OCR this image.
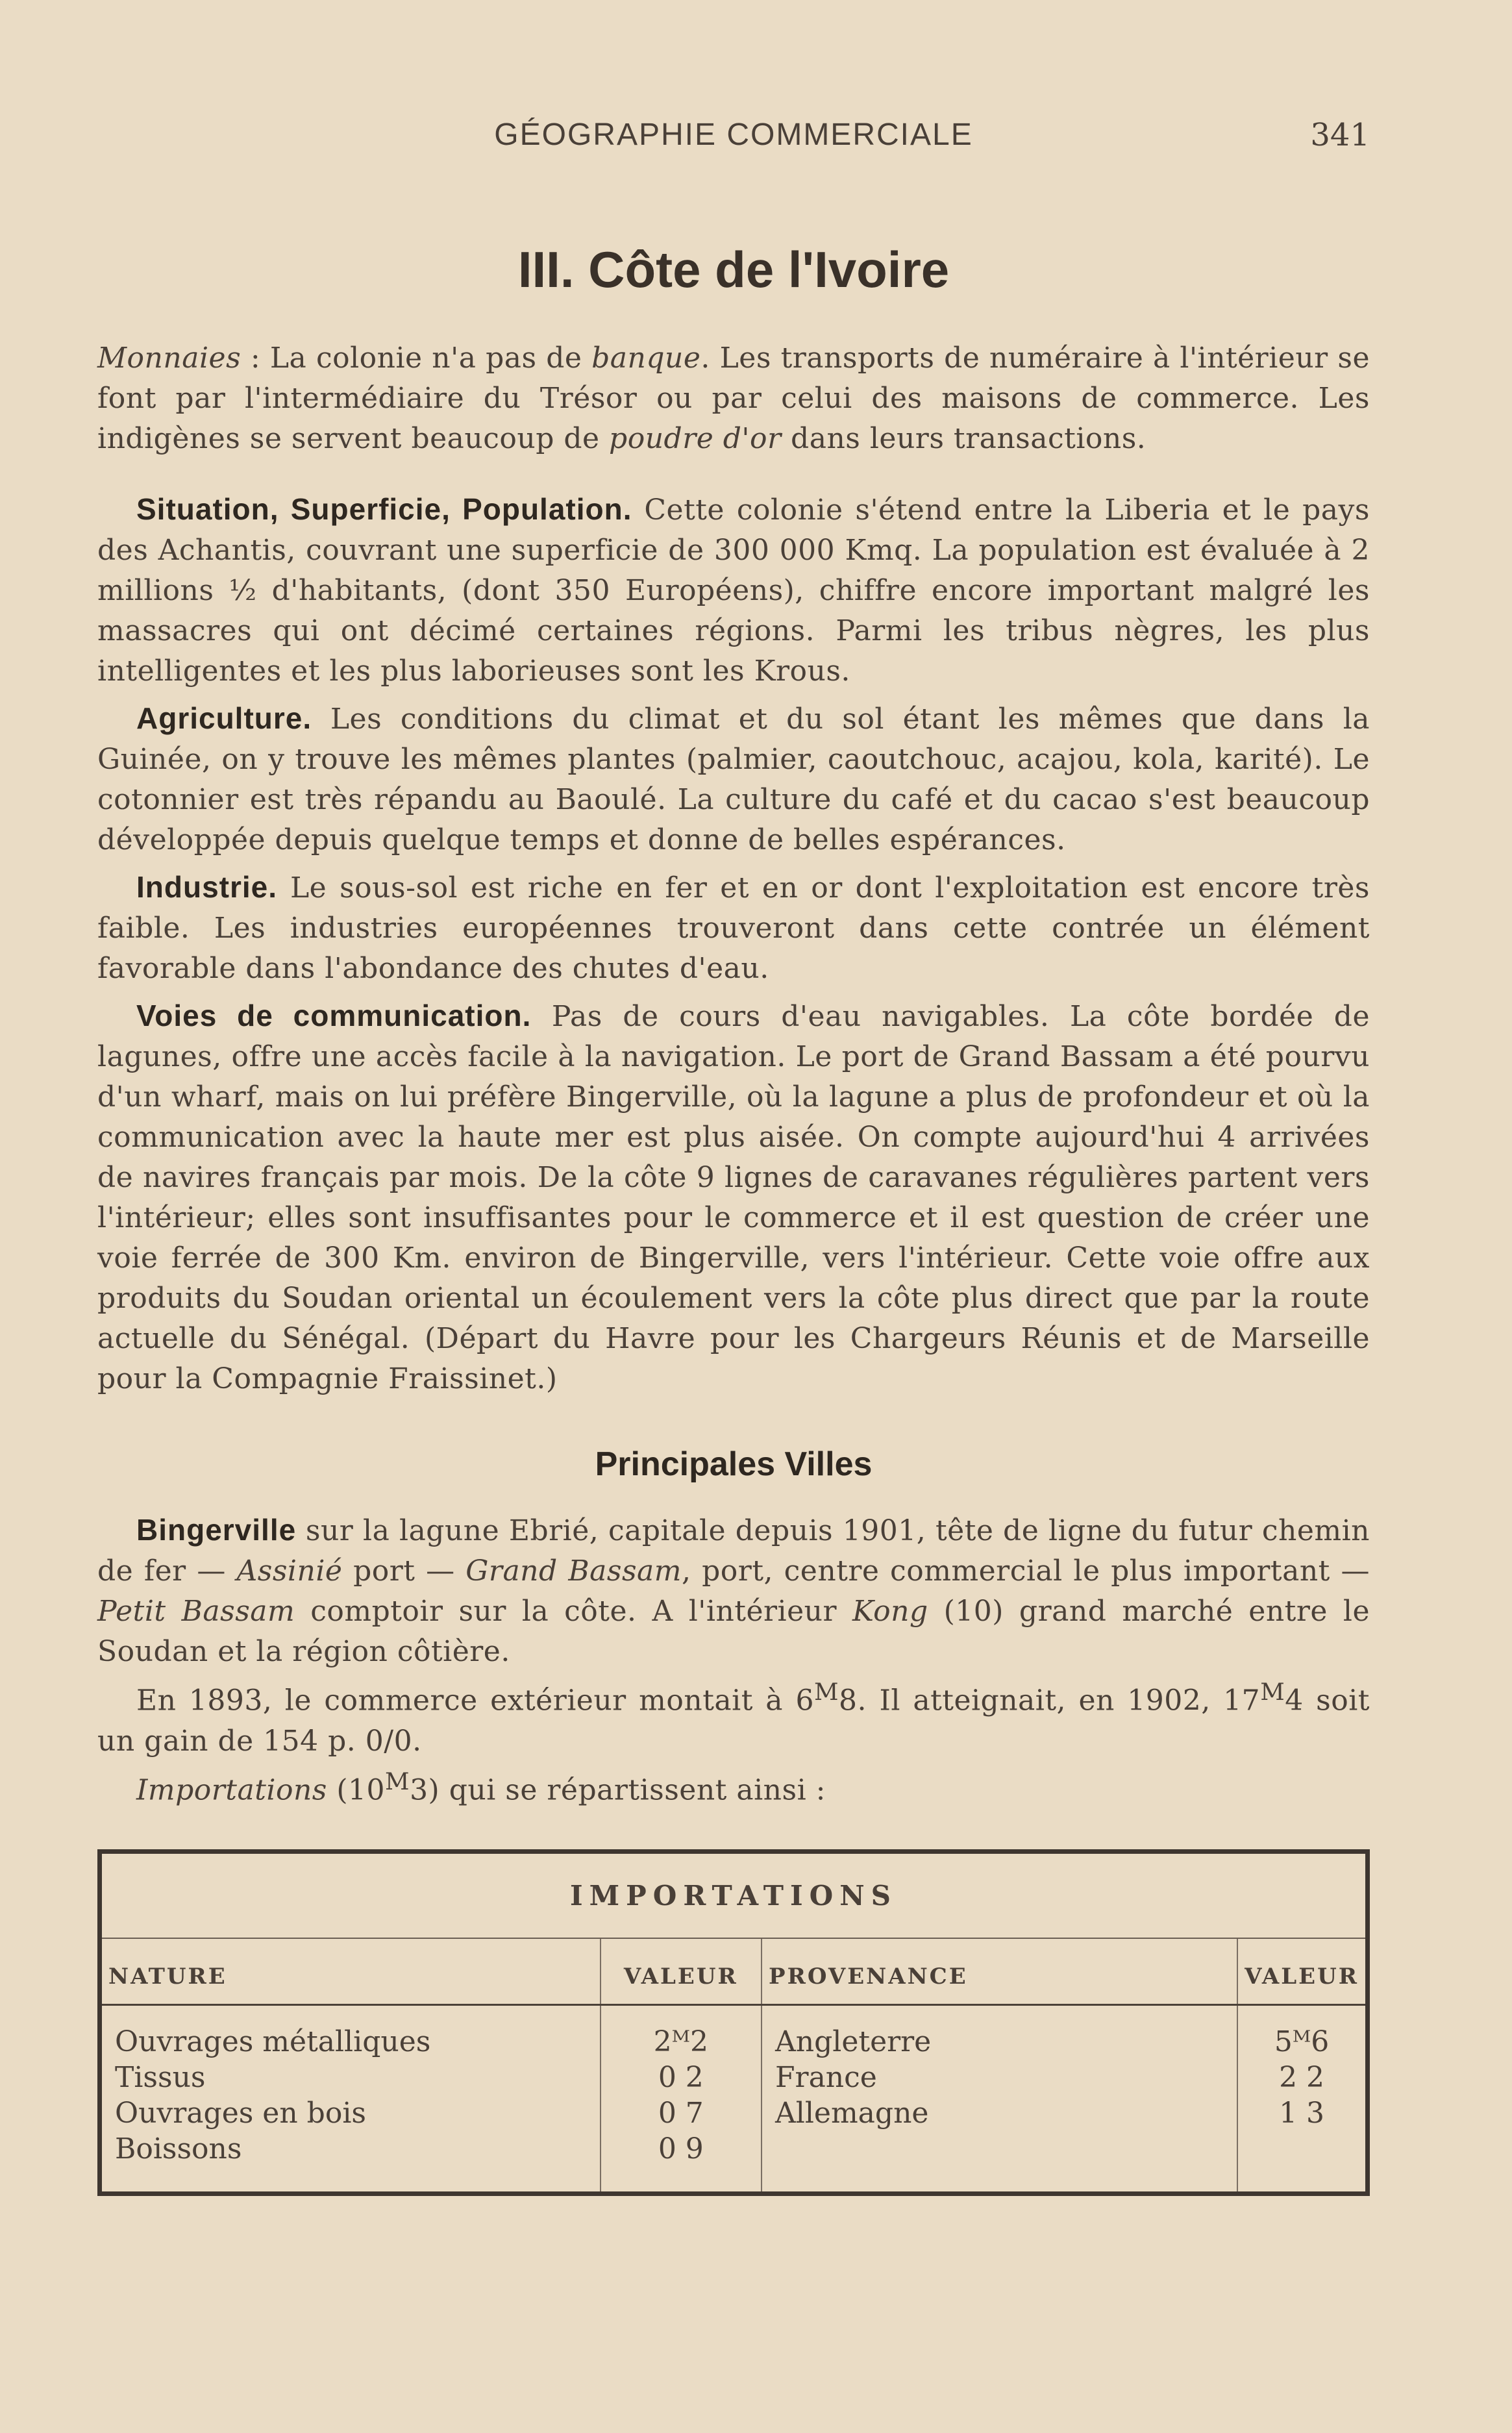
GÉOGRAPHIE COMMERCIALE	341
III. Côte de l'Ivoire

Monnaies : La colonie n'a pas de banque. Les transports de numéraire à l'intérieur se font par l'intermédiaire du Trésor ou par celui des maisons de commerce. Les indigènes se servent beaucoup de poudre d'or dans leurs transactions.

Situation, Superficie, Population. Cette colonie s'étend entre la Liberia et le pays des Achantis, couvrant une superficie de 300 000 Kmq. La population est évaluée à 2 millions ½ d'habitants, (dont 350 Européens), chiffre encore important malgré les massacres qui ont décimé certaines régions. Parmi les tribus nègres, les plus intelligentes et les plus laborieuses sont les Krous.

Agriculture. Les conditions du climat et du sol étant les mêmes que dans la Guinée, on y trouve les mêmes plantes (palmier, caoutchouc, acajou, kola, karité). Le cotonnier est très répandu au Baoulé. La culture du café et du cacao s'est beaucoup développée depuis quelque temps et donne de belles espérances.

Industrie. Le sous-sol est riche en fer et en or dont l'exploitation est encore très faible. Les industries européennes trouveront dans cette contrée un élément favorable dans l'abondance des chutes d'eau.

Voies de communication. Pas de cours d'eau navigables. La côte bordée de lagunes, offre une accès facile à la navigation. Le port de Grand Bassam a été pourvu d'un wharf, mais on lui préfère Bingerville, où la lagune a plus de profondeur et où la communication avec la haute mer est plus aisée. On compte aujourd'hui 4 arrivées de navires français par mois. De la côte 9 lignes de caravanes régulières partent vers l'intérieur; elles sont insuffisantes pour le commerce et il est question de créer une voie ferrée de 300 Km. environ de Bingerville, vers l'intérieur. Cette voie offre aux produits du Soudan oriental un écoulement vers la côte plus direct que par la route actuelle du Sénégal. (Départ du Havre pour les Chargeurs Réunis et de Marseille pour la Compagnie Fraissinet.)

Principales Villes

Bingerville sur la lagune Ebrié, capitale depuis 1901, tête de ligne du futur chemin de fer — Assinié port — Grand Bassam, port, centre commercial le plus important — Petit Bassam comptoir sur la côte. A l'intérieur Kong (10) grand marché entre le Soudan et la région côtière.

En 1893, le commerce extérieur montait à $6^M8$. Il atteignait, en 1902, $17^M4$ soit un gain de 154 p. 0/0.

Importations $(10^M3)$ qui se répartissent ainsi :

IMPORTATIONS
NATURE	VALEUR	PROVENANCE	VALEUR
Ouvrages métalliques	2ᴹ2	Angleterre	5ᴹ6
Tissus	0 2	France	2 2
Ouvrages en bois	0 7	Allemagne	1 3
Boissons	0 9		
